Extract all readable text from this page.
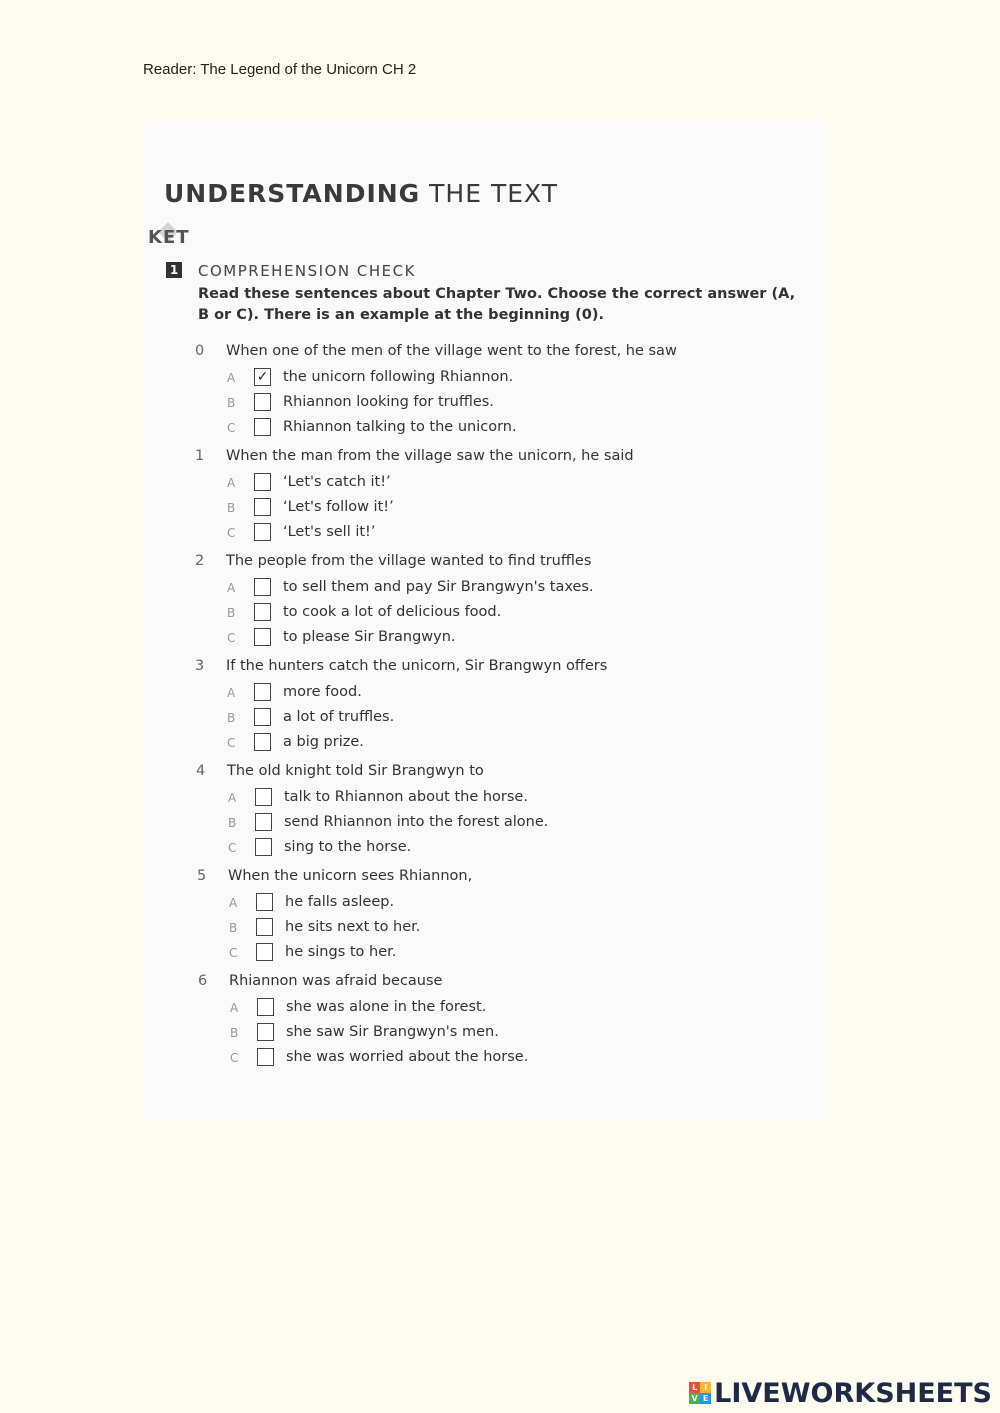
Reader: The Legend of the Unicorn CH 2
UNDERSTANDING THE TEXT
KET
1 COMPREHENSION CHECK
Read these sentences about Chapter Two. Choose the correct answer (A, B or C). There is an example at the beginning (0).
0 When one of the men of the village went to the forest, he saw
A ✓ the unicorn following Rhiannon.
B	Rhiannon looking for truffles.
C	Rhiannon talking to the unicorn.
1 When the man from the village saw the unicorn, he said
A	‘Let's catch it!’
B	‘Let's follow it!’
C	‘Let's sell it!’
2 The people from the village wanted to find truffles
A	to sell them and pay Sir Brangwyn's taxes.
B	to cook a lot of delicious food.
C	to please Sir Brangwyn.
3 If the hunters catch the unicorn, Sir Brangwyn offers
A	more food.
B	a lot of truffles.
C	a big prize.
4 The old knight told Sir Brangwyn to
A	talk to Rhiannon about the horse.
B	send Rhiannon into the forest alone.
C	sing to the horse.
5 When the unicorn sees Rhiannon,
A	he falls asleep.
B	he sits next to her.
C	he sings to her.
6 Rhiannon was afraid because
A	she was alone in the forest.
B	she saw Sir Brangwyn's men.
C	she was worried about the horse.
L I
V E LIVEWORKSHEETS
